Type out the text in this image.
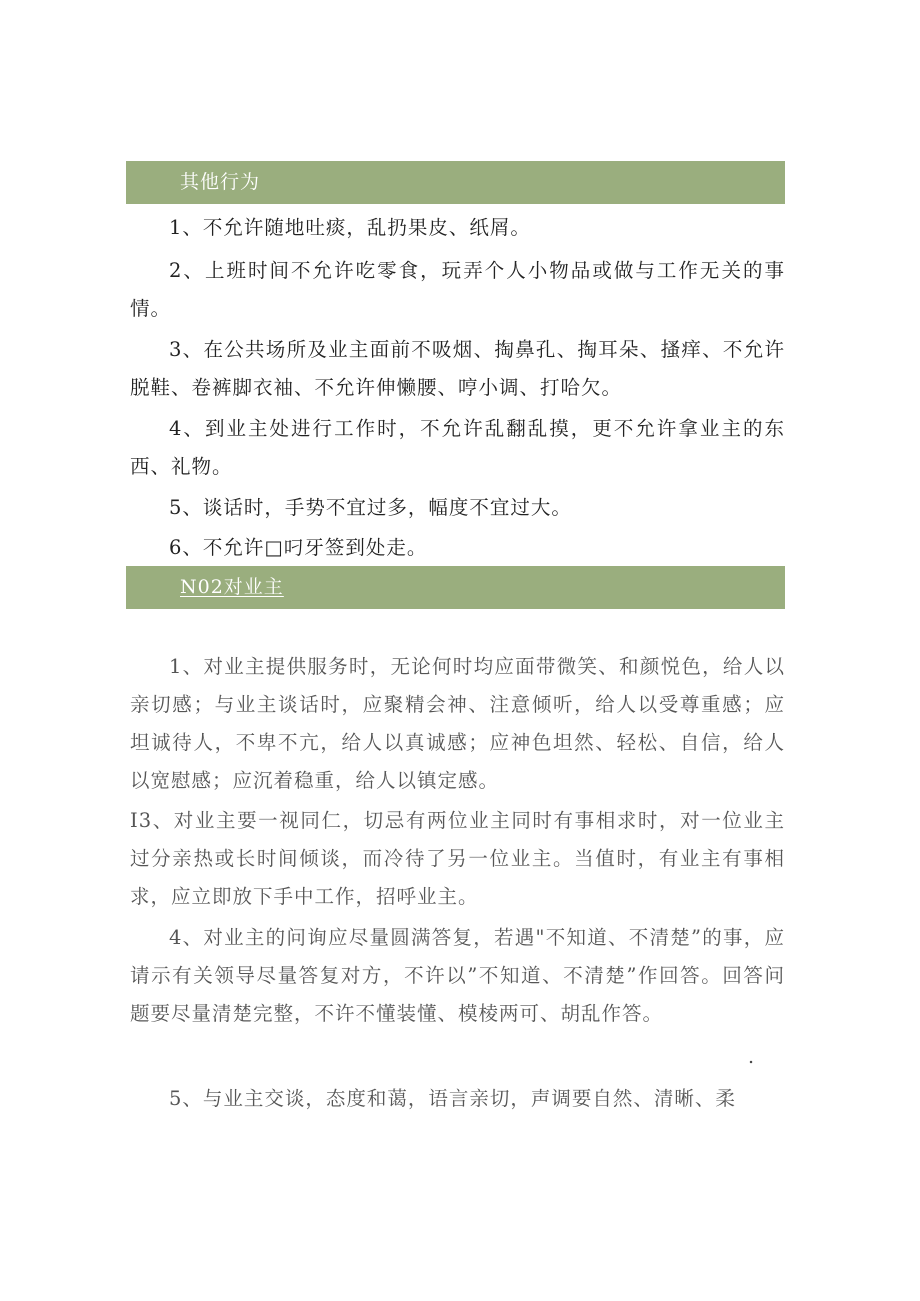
其他行为

1、不允许随地吐痰，乱扔果皮、纸屑。

2、上班时间不允许吃零食，玩弄个人小物品或做与工作无关的事情。

3、在公共场所及业主面前不吸烟、掏鼻孔、掏耳朵、搔痒、不允许脱鞋、卷裤脚衣袖、不允许伸懒腰、哼小调、打哈欠。

4、到业主处进行工作时，不允许乱翻乱摸，更不允许拿业主的东西、礼物。

5、谈话时，手势不宜过多，幅度不宜过大。

6、不允许□叼牙签到处走。

N02对业主

1、对业主提供服务时，无论何时均应面带微笑、和颜悦色，给人以亲切感；与业主谈话时，应聚精会神、注意倾听，给人以受尊重感；应坦诚待人，不卑不亢，给人以真诚感；应神色坦然、轻松、自信，给人以宽慰感；应沉着稳重，给人以镇定感。

I3、对业主要一视同仁，切忌有两位业主同时有事相求时，对一位业主过分亲热或长时间倾谈，而冷待了另一位业主。当值时，有业主有事相求，应立即放下手中工作，招呼业主。

4、对业主的问询应尽量圆满答复，若遇"不知道、不清楚”的事，应请示有关领导尽量答复对方，不许以”不知道、不清楚”作回答。回答问题要尽量清楚完整，不许不懂装懂、模棱两可、胡乱作答。

.

5、与业主交谈，态度和蔼，语言亲切，声调要自然、清晰、柔
